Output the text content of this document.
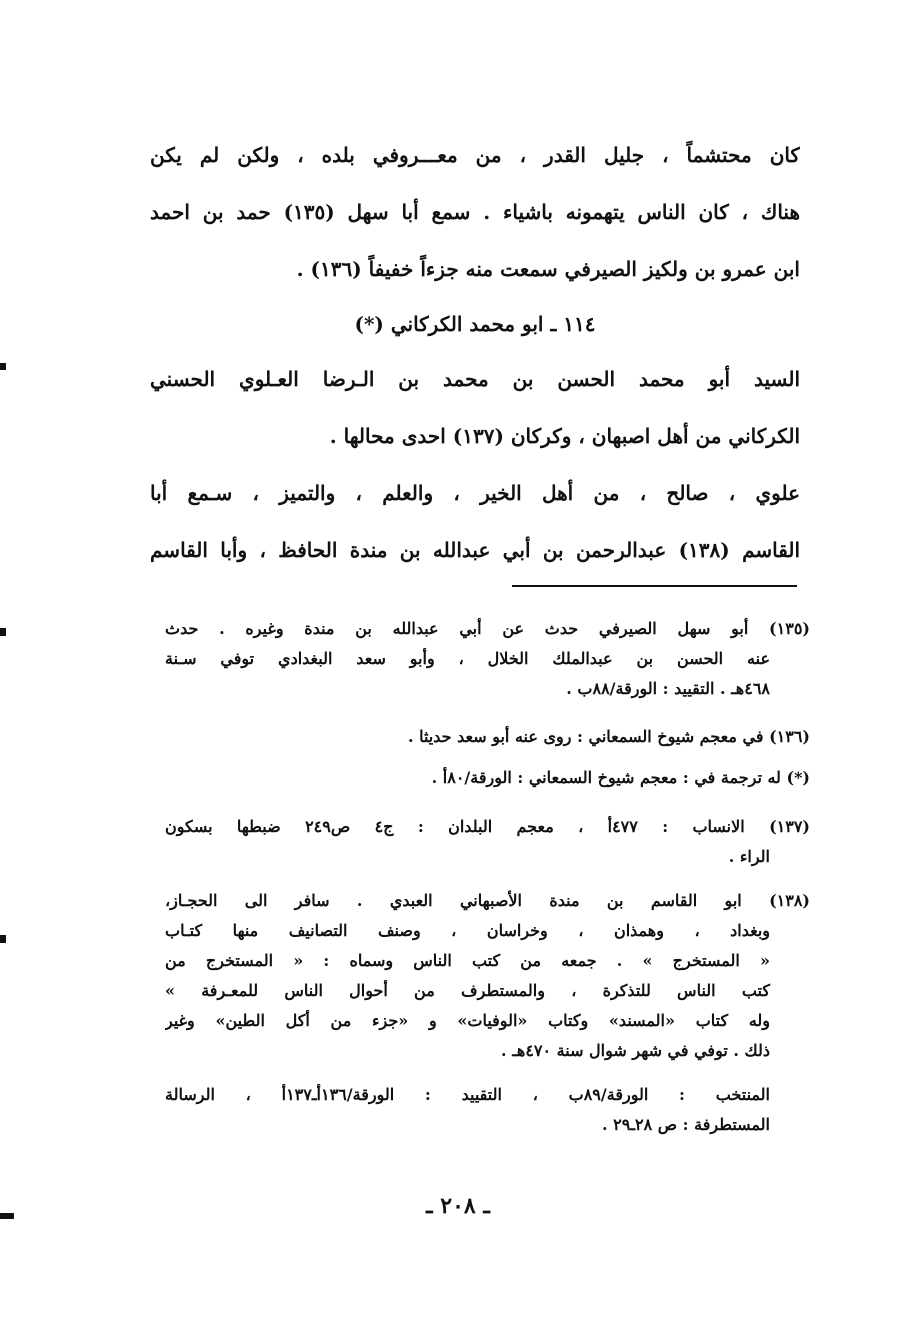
كان محتشماً ، جليل القدر ، من معـــروفي بلده ، ولكن لم يكن
هناك ، كان الناس يتهمونه باشياء . سمع أبا سهل (١٣٥) حمد بن احمد
ابن عمرو بن ولكيز الصيرفي سمعت منه جزءاً خفيفاً (١٣٦) .
١١٤ ـ ابو محمد الكركاني (*)
السيد أبو محمد الحسن بن محمد بن الـرضا العـلوي الحسني
الكركاني من أهل اصبهان ، وكركان (١٣٧) احدى محالها .
علوي ، صالح ، من أهل الخير ، والعلم ، والتميز ، سـمع أبا
القاسم (١٣٨) عبدالرحمن بن أبي عبدالله بن مندة الحافظ ، وأبا القاسم
(١٣٥) أبو سهل الصيرفي حدث عن أبي عبدالله بن مندة وغيره . حدث
عنه الحسن بن عبدالملك الخلال ، وأبو سعد البغدادي توفي سـنة
٤٦٨هـ . التقييد : الورقة/٨٨ب .
(١٣٦) في معجم شيوخ السمعاني : روى عنه أبو سعد حديثا .
(*) له ترجمة في : معجم شيوخ السمعاني : الورقة/٨٠أ .
(١٣٧) الانساب : ٤٧٧أ ، معجم البلدان : ج٤ ص٢٤٩ ضبطها بسكون
الراء .
(١٣٨) ابو القاسم بن مندة الأصبهاني العبدي . سافر الى الحجـاز،
وبغداد ، وهمذان ، وخراسان ، وصنف التصانيف منها كتـاب
« المستخرج » . جمعه من كتب الناس وسماه : « المستخرج من
كتب الناس للتذكرة ، والمستطرف من أحوال الناس للمعـرفة »
وله كتاب «المسند» وكتاب «الوفيات» و «جزء من أكل الطين» وغير
ذلك . توفي في شهر شوال سنة ٤٧٠هـ .
المنتخب : الورقة/٨٩ب ، التقييد : الورقة/١٣٦أـ١٣٧أ ، الرسالة
المستطرفة : ص ٢٨ـ٢٩ .
ـ ٢٠٨ ـ
